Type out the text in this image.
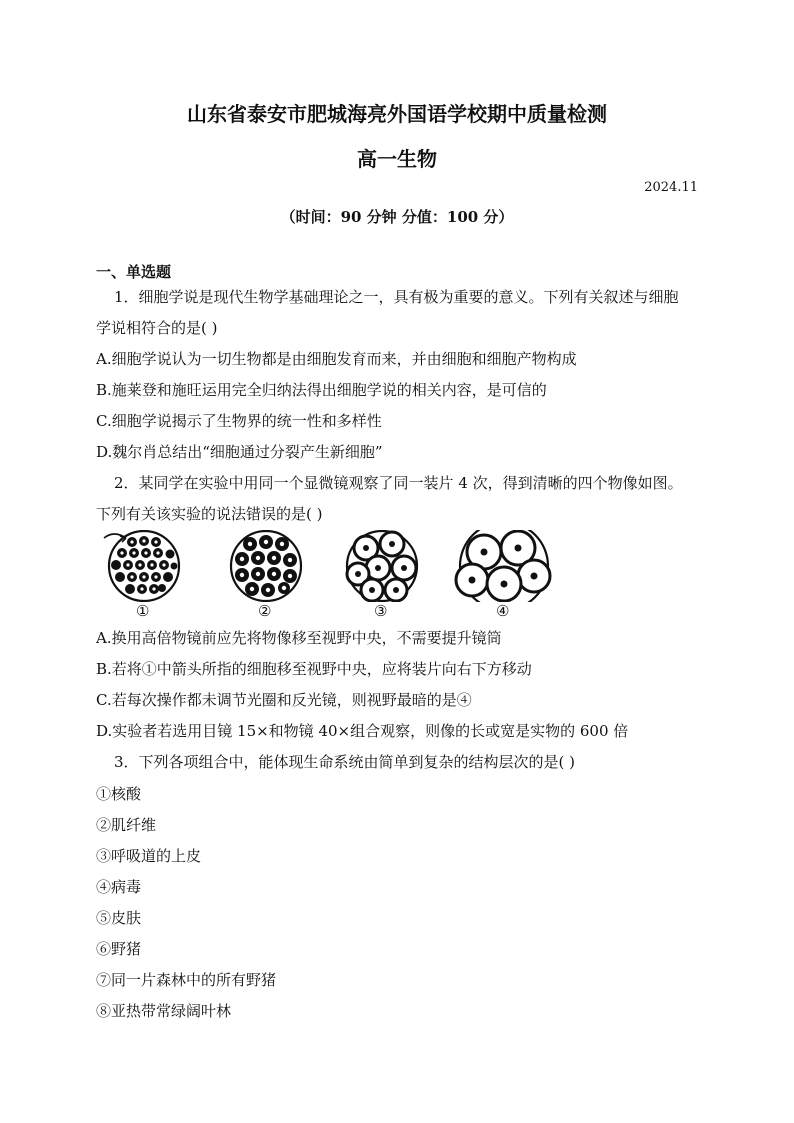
山东省泰安市肥城海亮外国语学校期中质量检测
高一生物
2024.11
（时间：90 分钟 分值：100 分）
一、单选题
1．细胞学说是现代生物学基础理论之一，具有极为重要的意义。下列有关叙述与细胞
学说相符合的是( )
A.细胞学说认为一切生物都是由细胞发育而来，并由细胞和细胞产物构成
B.施莱登和施旺运用完全归纳法得出细胞学说的相关内容，是可信的
C.细胞学说揭示了生物界的统一性和多样性
D.魏尔肖总结出“细胞通过分裂产生新细胞”
2．某同学在实验中用同一个显微镜观察了同一装片 4 次，得到清晰的四个物像如图。
下列有关该实验的说法错误的是( )
①	②	③	④
A.换用高倍物镜前应先将物像移至视野中央，不需要提升镜筒
B.若将①中箭头所指的细胞移至视野中央，应将装片向右下方移动
C.若每次操作都未调节光圈和反光镜，则视野最暗的是④
D.实验者若选用目镜 15×和物镜 40×组合观察，则像的长或宽是实物的 600 倍
3．下列各项组合中，能体现生命系统由简单到复杂的结构层次的是( )
①核酸
②肌纤维
③呼吸道的上皮
④病毒
⑤皮肤
⑥野猪
⑦同一片森林中的所有野猪
⑧亚热带常绿阔叶林
